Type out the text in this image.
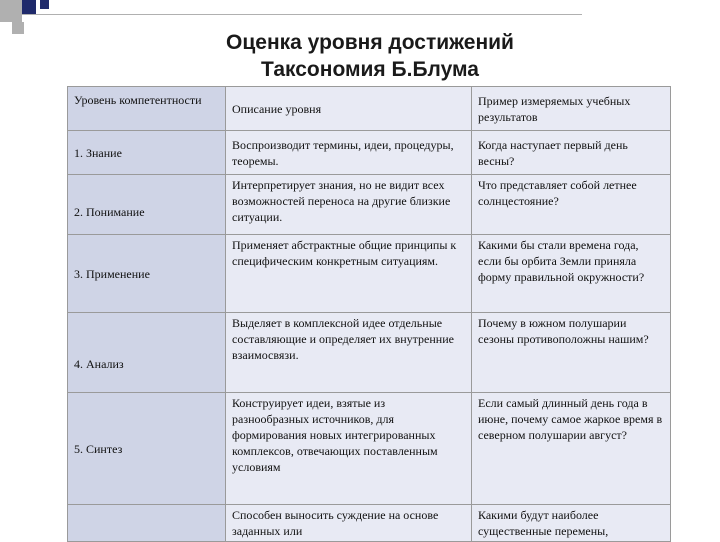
Оценка уровня достижений
Таксономия Б.Блума
Уровень компетентности	Описание уровня	Пример измеряемых учебных результатов
1. Знание	Воспроизводит термины, идеи, процедуры, теоремы.	Когда наступает первый день весны?
2. Понимание	Интерпретирует знания, но не видит всех возможностей переноса на другие близкие ситуации.	Что представляет собой летнее солнцестояние?
3. Применение	Применяет абстрактные общие принципы к специфическим конкретным ситуациям.	Какими бы стали времена года, если бы орбита Земли приняла форму правильной окружности?
4. Анализ	Выделяет в комплексной идее отдельные составляющие и определяет их внутренние взаимосвязи.	Почему в южном полушарии сезоны противоположны нашим?
5. Синтез	Конструирует идеи, взятые из разнообразных источников, для формирования новых интегрированных комплексов, отвечающих поставленным условиям	Если самый длинный день года в июне, почему самое жаркое время в северном полушарии август?
	Способен выносить суждение на основе заданных или	Какими будут наиболее существенные перемены,
